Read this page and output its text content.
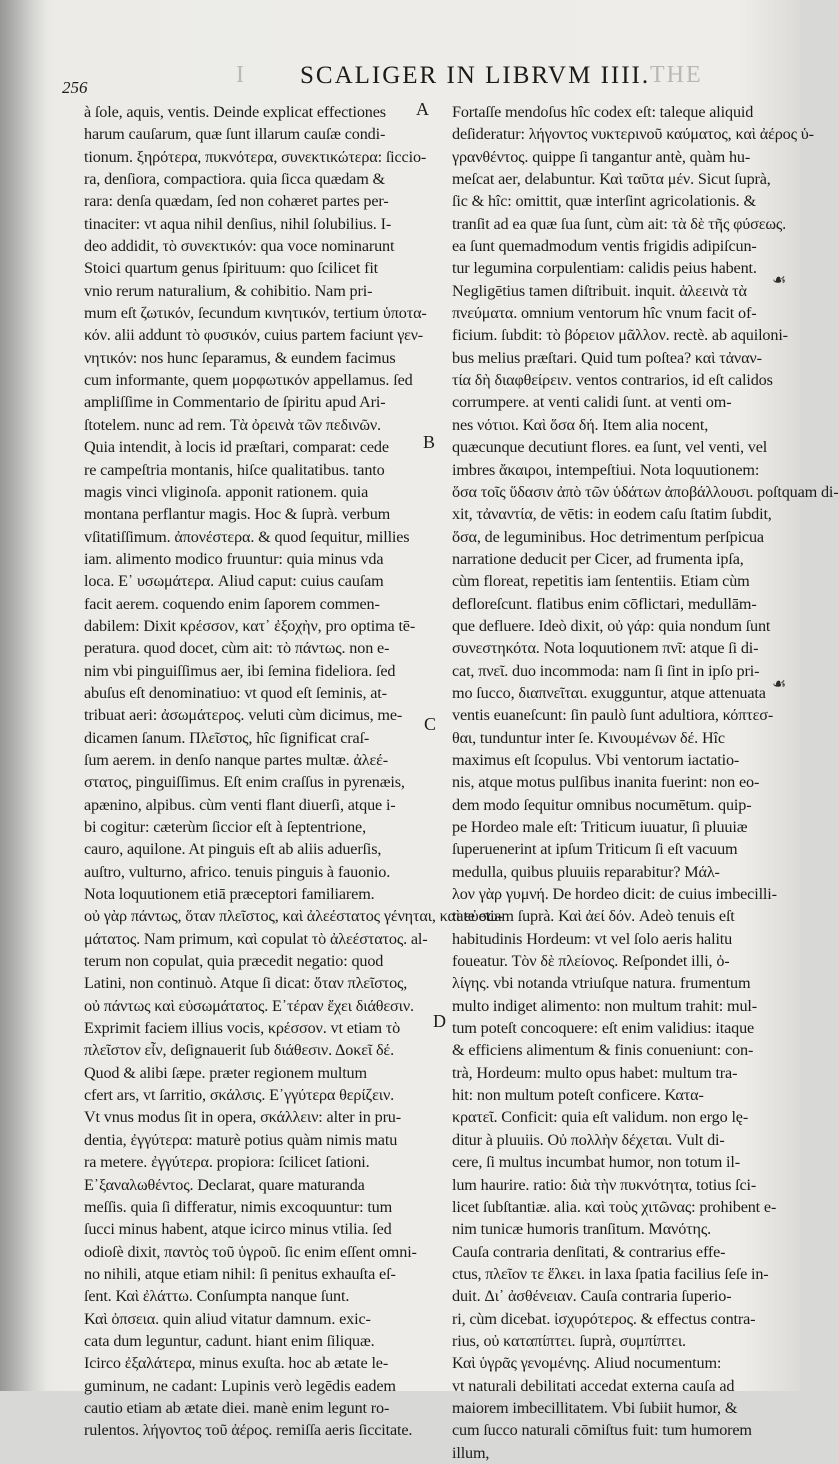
I	THE
256	SCALIGER IN LIBRVM IIII.
à ſole, aquis, ventis. Deinde explicat effectiones
harum cauſarum, quæ ſunt illarum cauſæ condi-
tionum. ξηρότερα, πυκνότερα, συνεκτικώτερα: ſiccio-
ra, denſiora, compactiora. quia ſicca quædam &
rara: denſa quædam, ſed non cohæret partes per-
tinaciter: vt aqua nihil denſius, nihil ſolubilius. I-
deo addidit, τὸ συνεκτικόν: qua voce nominarunt
Stoici quartum genus ſpirituum: quo ſcilicet fit
vnio rerum naturalium, & cohibitio. Nam pri-
mum eſt ζωτικόν, ſecundum κινητικόν, tertium ὑποτα-
κόν. alii addunt τὸ φυσικόν, cuius partem faciunt γεν-
νητικόν: nos hunc ſeparamus, & eundem facimus
cum informante, quem μορφωτικόν appellamus. ſed
ampliſſime in Commentario de ſpiritu apud Ari-
ſtotelem. nunc ad rem. Τὰ ὀρεινὰ τῶν πεδινῶν.
Quia intendit, à locis id præſtari, comparat: cede
re campeſtria montanis, hiſce qualitatibus. tanto
magis vinci vliginoſa. apponit rationem. quia
montana perflantur magis. Hoc & ſuprà. verbum
vſitatiſſimum. ἀπονέστερα. & quod ſequitur, millies
iam. alimento modico fruuntur: quia minus vda
loca. Ε᾽ υσωμάτερα. Aliud caput: cuius cauſam
facit aerem. coquendo enim ſaporem commen-
dabilem: Dixit κρέσσον, κατ᾽ ἐξοχὴν, pro optima tē-
peratura. quod docet, cùm ait: τὸ πάντως. non e-
nim vbi pinguiſſimus aer, ibi ſemina fideliora. ſed
abuſus eſt denominatiuo: vt quod eſt ſeminis, at-
tribuat aeri: ἀσωμάτερος. veluti cùm dicimus, me-
dicamen ſanum. Πλεῖστος, hîc ſignificat craſ-
ſum aerem. in denſo nanque partes multæ. ἀλεέ-
στατος, pinguiſſimus. Eſt enim craſſus in pyrenæis,
apænino, alpibus. cùm venti flant diuerſi, atque i-
bi cogitur: cæterùm ſiccior eſt à ſeptentrione,
cauro, aquilone. At pinguis eſt ab aliis aduerſis,
auſtro, vulturno, africo. tenuis pinguis à fauonio.
Nota loquutionem etiā præceptori familiarem.
οὐ γὰρ πάντως, ὅταν πλεῖστος, καὶ ἀλεέστατος γένηται, καὶ εὐσω-
μάτατος. Nam primum, καὶ copulat τὸ ἀλεέστατος. al-
terum non copulat, quia præcedit negatio: quod
Latini, non continuò. Atque ſi dicat: ὅταν πλεῖστος,
οὐ πάντως καὶ εὐσωμάτατος. Ε᾽τέραν ἔχει διάθεσιν.
Exprimit faciem illius vocis, κρέσσον. vt etiam τὸ
πλεῖστον εἶν, deſignauerit ſub διάθεσιν. Δοκεῖ δέ.
Quod & alibi ſæpe. præter regionem multum
cfert ars, vt ſarritio, σκάλσις. Ε᾽γγύτερα θερίζειν.
Vt vnus modus ſit in opera, σκάλλειν: alter in pru-
dentia, ἐγγύτερα: maturè potius quàm nimis matu
ra metere. ἐγγύτερα. propiora: ſcilicet ſationi.
Ε᾽ξαναλωθέντος. Declarat, quare maturanda
meſſis. quia ſi differatur, nimis excoquuntur: tum
ſucci minus habent, atque icirco minus vtilia. ſed
odioſè dixit, παντὸς τοῦ ὑγροῦ. ſic enim eſſent omni-
no nihili, atque etiam nihil: ſi penitus exhauſta eſ-
ſent. Καὶ ἐλάττω. Conſumpta nanque ſunt.
Καὶ ὀπσεια. quin aliud vitatur damnum. exic-
cata dum leguntur, cadunt. hiant enim ſiliquæ.
Icirco ἐξαλάτερα, minus exuſta. hoc ab ætate le-
guminum, ne cadant: Lupinis verò legēdis eadem
cautio etiam ab ætate diei. manè enim legunt ro-
rulentos. λήγοντος τοῦ ἀέρος. remiſſa aeris ſiccitate.
Fortaſſe mendoſus hîc codex eſt: taleque aliquid
deſideratur: λήγοντος νυκτερινοῦ καύματος, καὶ ἀέρος ὑ-
γρανθέντος. quippe ſi tangantur antè, quàm hu-
meſcat aer, delabuntur. Καὶ ταῦτα μέν. Sicut ſuprà,
ſic & hîc: omittit, quæ interſint agricolationis. &
tranſit ad ea quæ ſua ſunt, cùm ait: τὰ δὲ τῆς φύσεως.
ea ſunt quemadmodum ventis frigidis adipiſcun-
tur legumina corpulentiam: calidis peius habent.
Negligētius tamen diſtribuit. inquit. ἀλεεινὰ τὰ
πνεύματα. omnium ventorum hîc vnum facit of-
ficium. ſubdit: τὸ βόρειον μᾶλλον. rectè. ab aquiloni-
bus melius præſtari. Quid tum poſtea? καὶ τἀναν-
τία δὴ διαφθείρειν. ventos contrarios, id eſt calidos
corrumpere. at venti calidi ſunt. at venti om-
nes νότιοι. Καὶ ὅσα δή. Item alia nocent,
quæcunque decutiunt flores. ea ſunt, vel venti, vel
imbres ἄκαιροι, intempeſtiui. Nota loquutionem:
ὅσα τοῖς ὕδασιν ἀπὸ τῶν ὑδάτων ἀποβάλλουσι. poſtquam di-
xit, τἀναντία, de vētis: in eodem caſu ſtatim ſubdit,
ὅσα, de leguminibus. Hoc detrimentum perſpicua
narratione deducit per Cicer, ad frumenta ipſa,
cùm floreat, repetitis iam ſententiis. Etiam cùm
defloreſcunt. flatibus enim cōflictari, medullām-
que defluere. Ideò dixit, οὐ γάρ: quia nondum ſunt
συνεστηκότα. Nota loquutionem πνῖ: atque ſi di-
cat, πνεῖ. duo incommoda: nam ſi ſint in ipſo pri-
mo ſucco, διαπνεῖται. exugguntur, atque attenuata
ventis euaneſcunt: ſin paulò ſunt adultiora, κόπτεσ-
θαι, tunduntur inter ſe. Κινουμένων δέ. Hîc
maximus eſt ſcopulus. Vbi ventorum iactatio-
nis, atque motus pulſibus inanita fuerint: non eo-
dem modo ſequitur omnibus nocumētum. quip-
pe Hordeo male eſt: Triticum iuuatur, ſi pluuiæ
ſuperuenerint at ipſum Triticum ſi eſt vacuum
medulla, quibus pluuiis reparabitur? Μάλ-
λον γὰρ γυμνή. De hordeo dicit: de cuius imbecilli-
tate etiam ſuprà. Καὶ ἀεί δόν. Adeò tenuis eſt
habitudinis Hordeum: vt vel ſolo aeris halitu
foueatur. Τὸν δὲ πλείονος. Reſpondet illi, ὀ-
λίγης. vbi notanda vtriuſque natura. frumentum
multo indiget alimento: non multum trahit: mul-
tum poteſt concoquere: eſt enim validius: itaque
& efficiens alimentum & finis conueniunt: con-
trà, Hordeum: multo opus habet: multum tra-
hit: non multum poteſt conficere. Κατα-
κρατεῖ. Conficit: quia eſt validum. non ergo lę-
ditur à pluuiis. Οὐ πολλὴν δέχεται. Vult di-
cere, ſi multus incumbat humor, non totum il-
lum haurire. ratio: διὰ τὴν πυκνότητα, totius ſci-
licet ſubſtantiæ. alia. καὶ τοὺς χιτῶνας: prohibent e-
nim tunicæ humoris tranſitum. Μανότης.
Cauſa contraria denſitati, & contrarius effe-
ctus, πλεῖον τε ἕλκει. in laxa ſpatia facilius ſeſe in-
duit. Δι᾽ ἀσθένειαν. Cauſa contraria ſuperio-
ri, cùm dicebat. ἰσχυρότερος. & effectus contra-
rius, οὐ καταπίπτει. ſuprà, συμπίπτει.
Καὶ ὑγρᾶς γενομένης. Aliud nocumentum:
vt naturali debilitati accedat externa cauſa ad
maiorem imbecillitatem. Vbi ſubiit humor, &
cum ſucco naturali cōmiſtus fuit: tum humorem
illum,
A
B
C
D
☙
☙
